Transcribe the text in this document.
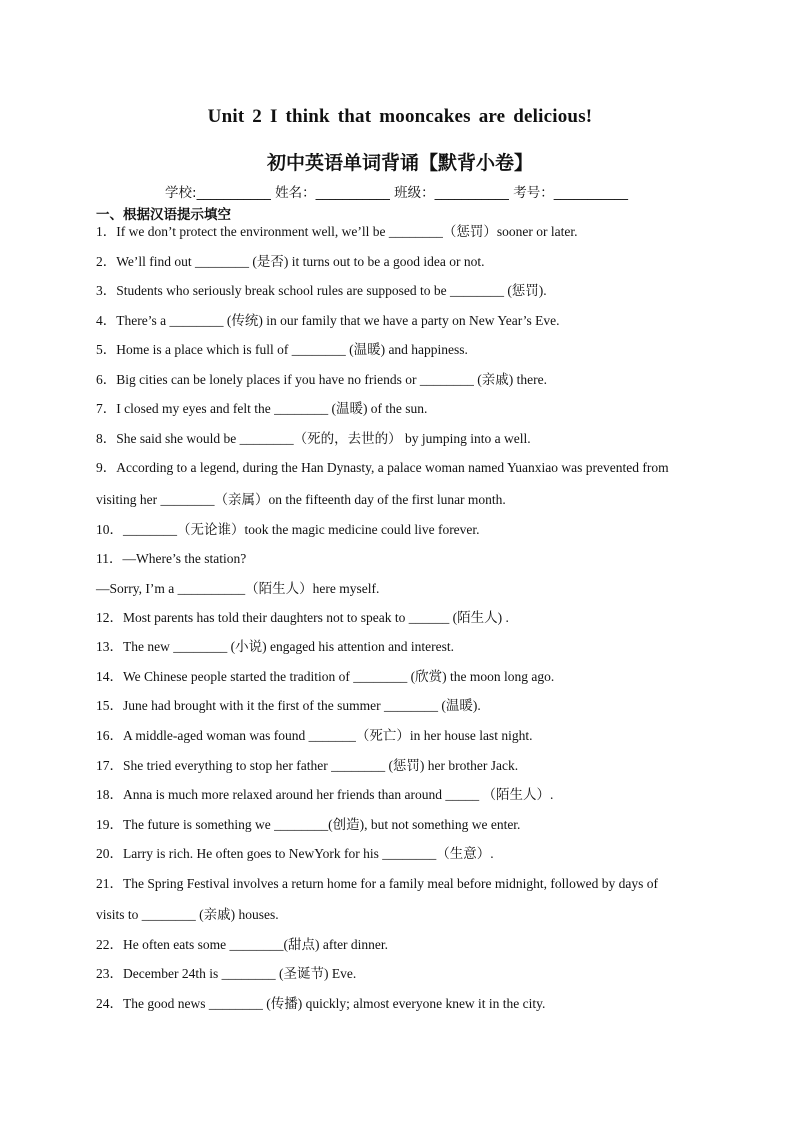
Unit 2 I think that mooncakes are delicious!
初中英语单词背诵【默背小卷】
学校:___________ 姓名：___________ 班级：___________ 考号：___________
一、根据汉语提示填空
1．If we don’t protect the environment well, we’ll be ________（惩罚）sooner or later.
2．We’ll find out ________ (是否) it turns out to be a good idea or not.
3．Students who seriously break school rules are supposed to be ________ (惩罚).
4．There’s a ________ (传统) in our family that we have a party on New Year’s Eve.
5．Home is a place which is full of ________ (温暖) and happiness.
6．Big cities can be lonely places if you have no friends or ________ (亲戚) there.
7．I closed my eyes and felt the ________ (温暖) of the sun.
8．She said she would be ________（死的，去世的） by jumping into a well.
9．According to a legend, during the Han Dynasty, a palace woman named Yuanxiao was prevented from
visiting her ________（亲属）on the fifteenth day of the first lunar month.
10．________（无论谁）took the magic medicine could live forever.
11．—Where’s the station?
—Sorry, I’m a __________（陌生人）here myself.
12．Most parents has told their daughters not to speak to ______ (陌生人) .
13．The new ________ (小说) engaged his attention and interest.
14．We Chinese people started the tradition of ________ (欣赏) the moon long ago.
15．June had brought with it the first of the summer ________ (温暖).
16．A middle-aged woman was found _______（死亡）in her house last night.
17．She tried everything to stop her father ________ (惩罚) her brother Jack.
18．Anna is much more relaxed around her friends than around _____ （陌生人）.
19．The future is something we ________(创造), but not something we enter.
20．Larry is rich. He often goes to NewYork for his ________（生意）.
21．The Spring Festival involves a return home for a family meal before midnight, followed by days of
visits to ________ (亲戚) houses.
22．He often eats some ________(甜点) after dinner.
23．December 24th is ________ (圣诞节) Eve.
24．The good news ________ (传播) quickly; almost everyone knew it in the city.
